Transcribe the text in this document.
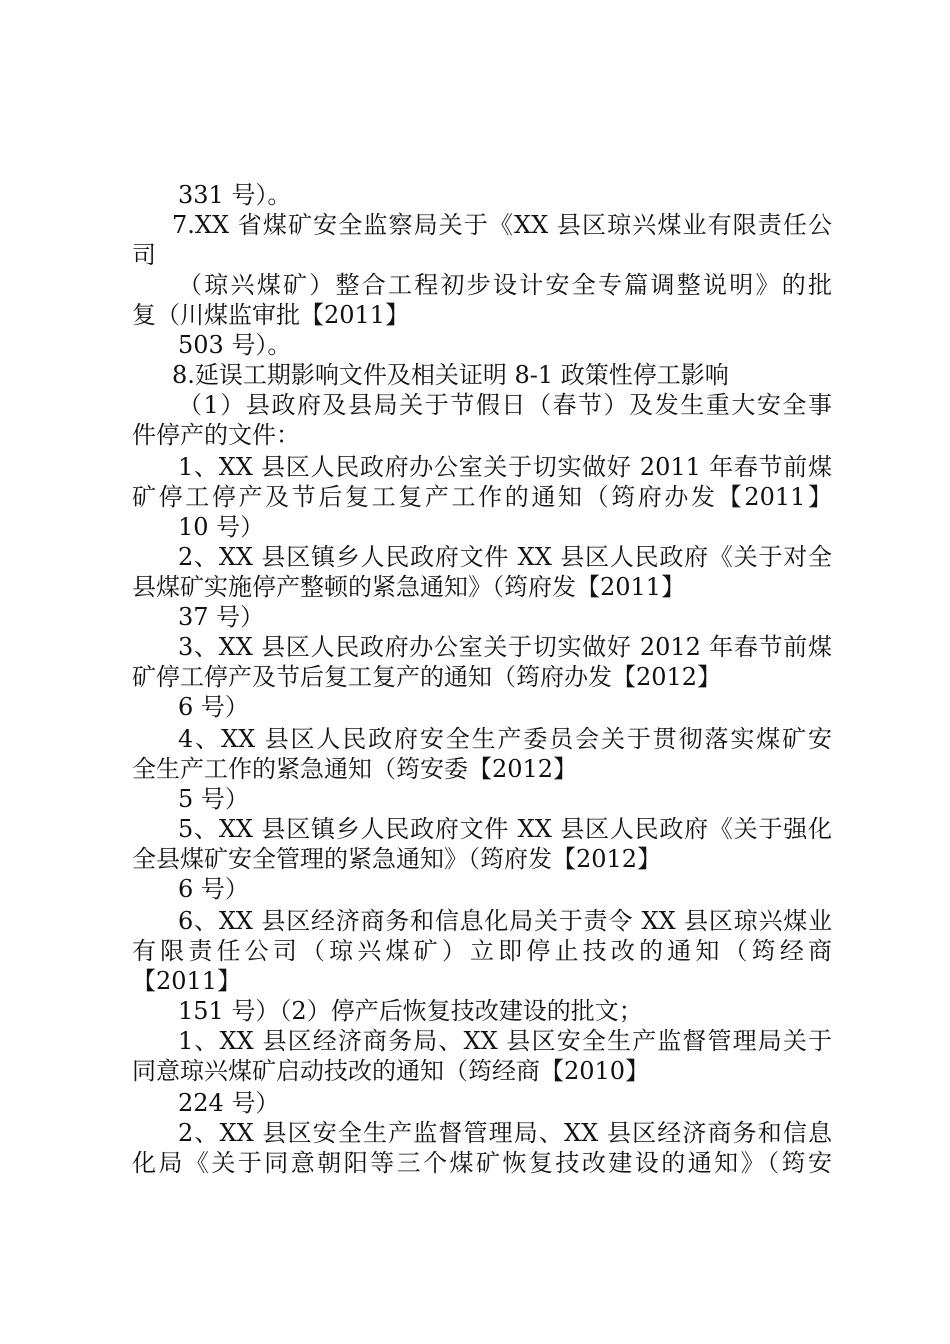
331 号）。
7.XX 省煤矿安全监察局关于《XX 县区琼兴煤业有限责任公
司
（琼兴煤矿）整合工程初步设计安全专篇调整说明》的批
复（川煤监审批【2011】
503 号）。
8.延误工期影响文件及相关证明 8-1 政策性停工影响
（1）县政府及县局关于节假日（春节）及发生重大安全事
件停产的文件：
1、XX 县区人民政府办公室关于切实做好 2011 年春节前煤
矿停工停产及节后复工复产工作的通知（筠府办发【2011】
10 号）
2、XX 县区镇乡人民政府文件 XX 县区人民政府《关于对全
县煤矿实施停产整顿的紧急通知》（筠府发【2011】
37 号）
3、XX 县区人民政府办公室关于切实做好 2012 年春节前煤
矿停工停产及节后复工复产的通知（筠府办发【2012】
6 号）
4、XX 县区人民政府安全生产委员会关于贯彻落实煤矿安
全生产工作的紧急通知（筠安委【2012】
5 号）
5、XX 县区镇乡人民政府文件 XX 县区人民政府《关于强化
全县煤矿安全管理的紧急通知》（筠府发【2012】
6 号）
6、XX 县区经济商务和信息化局关于责令 XX 县区琼兴煤业
有限责任公司（琼兴煤矿）立即停止技改的通知（筠经商
【2011】
151 号）（2）停产后恢复技改建设的批文；
1、XX 县区经济商务局、XX 县区安全生产监督管理局关于
同意琼兴煤矿启动技改的通知（筠经商【2010】
224 号）
2、XX 县区安全生产监督管理局、XX 县区经济商务和信息
化局《关于同意朝阳等三个煤矿恢复技改建设的通知》（筠安
